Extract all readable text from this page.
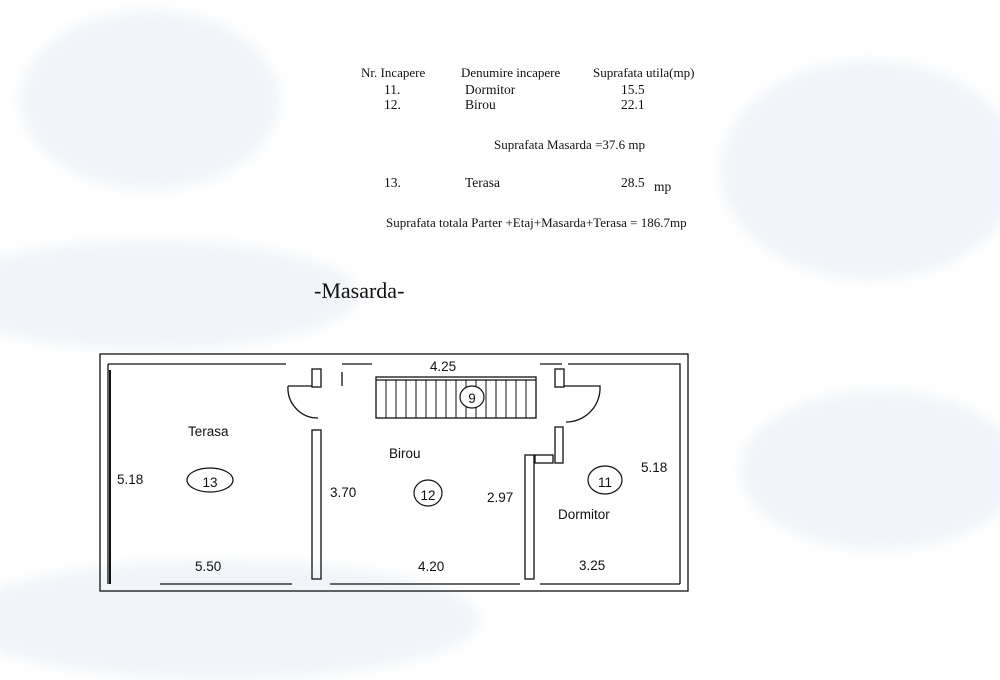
Nr. Incapere	Denumire incapere	Suprafata utila(mp)
11.	Dormitor	15.5
12.	Birou	22.1
Suprafata Masarda =37.6 mp
13.	Terasa	28.5 mp
Suprafata totala Parter +Etaj+Masarda+Terasa = 186.7mp
-Masarda-
9
13
12
11
Terasa
Birou
Dormitor
4.25
5.18
5.18
3.70	2.97
5.50	4.20	3.25
